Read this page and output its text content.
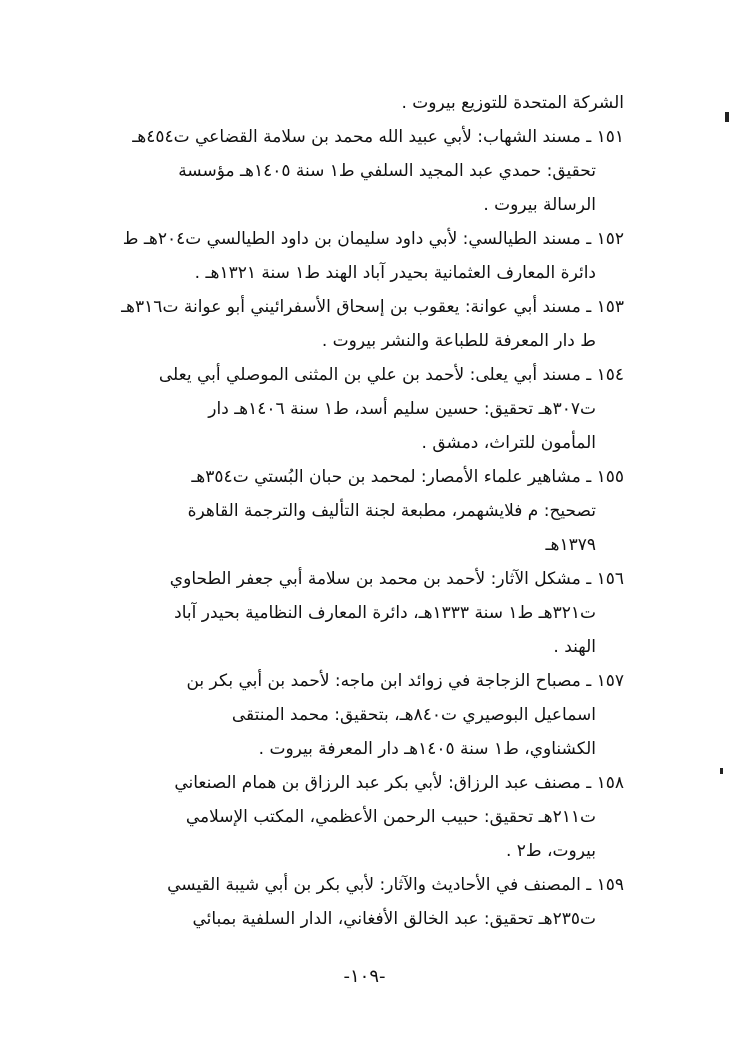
الشركة المتحدة للتوزيع بيروت .
١٥١ ـ مسند الشهاب: لأبي عبيد الله محمد بن سلامة القضاعي ت٤٥٤هـ
تحقيق: حمدي عبد المجيد السلفي ط١ سنة ١٤٠٥هـ مؤسسة
الرسالة بيروت .
١٥٢ ـ مسند الطيالسي: لأبي داود سليمان بن داود الطيالسي ت٢٠٤هـ ط
دائرة المعارف العثمانية بحيدر آباد الهند ط١ سنة ١٣٢١هـ .
١٥٣ ـ مسند أبي عوانة: يعقوب بن إسحاق الأسفرائيني أبو عوانة ت٣١٦هـ
ط دار المعرفة للطباعة والنشر بيروت .
١٥٤ ـ مسند أبي يعلى: لأحمد بن علي بن المثنى الموصلي أبي يعلى
ت٣٠٧هـ تحقيق: حسين سليم أسد، ط١ سنة ١٤٠٦هـ دار
المأمون للتراث، دمشق .
١٥٥ ـ مشاهير علماء الأمصار: لمحمد بن حبان البُستي ت٣٥٤هـ
تصحيح: م فلايشهمر، مطبعة لجنة التأليف والترجمة القاهرة
١٣٧٩هـ
١٥٦ ـ مشكل الآثار: لأحمد بن محمد بن سلامة أبي جعفر الطحاوي
ت٣٢١هـ ط١ سنة ١٣٣٣هـ، دائرة المعارف النظامية بحيدر آباد
الهند .
١٥٧ ـ مصباح الزجاجة في زوائد ابن ماجه: لأحمد بن أبي بكر بن
اسماعيل البوصيري ت٨٤٠هـ، بتحقيق: محمد المنتقى
الكشناوي، ط١ سنة ١٤٠٥هـ دار المعرفة بيروت .
١٥٨ ـ مصنف عبد الرزاق: لأبي بكر عبد الرزاق بن همام الصنعاني
ت٢١١هـ تحقيق: حبيب الرحمن الأعظمي، المكتب الإسلامي
بيروت، ط٢ .
١٥٩ ـ المصنف في الأحاديث والآثار: لأبي بكر بن أبي شيبة القيسي
ت٢٣٥هـ تحقيق: عبد الخالق الأفغاني، الدار السلفية بمبائي
-١٠٩-
